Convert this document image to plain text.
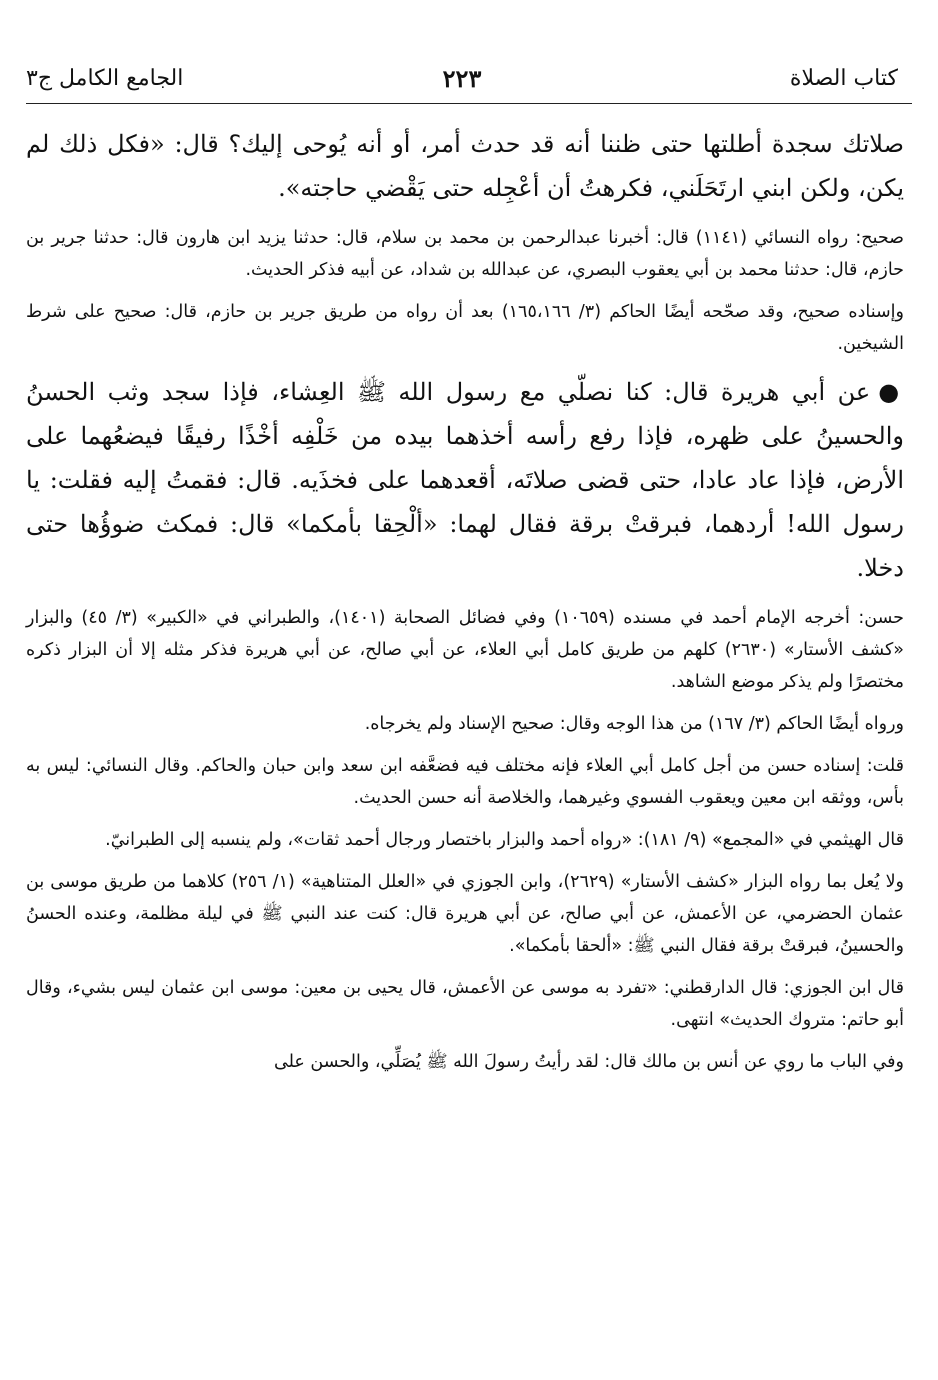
كتاب الصلاة
٢٢٣
الجامع الكامل ج٣

صلاتك سجدة أطلتها حتى ظننا أنه قد حدث أمر، أو أنه يُوحى إليك؟ قال: «فكل ذلك لم يكن، ولكن ابني ارتَحَلَني، فكرهتُ أن أعْجِله حتى يَقْضي حاجته».

صحيح: رواه النسائي (١١٤١) قال: أخبرنا عبدالرحمن بن محمد بن سلام، قال: حدثنا يزيد ابن هارون قال: حدثنا جرير بن حازم، قال: حدثنا محمد بن أبي يعقوب البصري، عن عبدالله بن شداد، عن أبيه فذكر الحديث.

وإسناده صحيح، وقد صحّحه أيضًا الحاكم (٣/ ١٦٥،١٦٦) بعد أن رواه من طريق جرير بن حازم، قال: صحيح على شرط الشيخين.

●عن أبي هريرة قال: كنا نصلّي مع رسول الله ﷺ العِشاء، فإذا سجد وثب الحسنُ والحسينُ على ظهره، فإذا رفع رأسه أخذهما بيده من خَلْفِه أخْذًا رفيقًا فيضعُهما على الأرض، فإذا عاد عادا، حتى قضى صلاتَه، أقعدهما على فخذَيه. قال: فقمتُ إليه فقلت: يا رسول الله! أردهما، فبرقتْ برقة فقال لهما: «ألْحِقا بأمكما» قال: فمكث ضوؤُها حتى دخلا.

حسن: أخرجه الإمام أحمد في مسنده (١٠٦٥٩) وفي فضائل الصحابة (١٤٠١)، والطبراني في «الكبير» (٣/ ٤٥) والبزار «كشف الأستار» (٢٦٣٠) كلهم من طريق كامل أبي العلاء، عن أبي صالح، عن أبي هريرة فذكر مثله إلا أن البزار ذكره مختصرًا ولم يذكر موضع الشاهد.

ورواه أيضًا الحاكم (٣/ ١٦٧) من هذا الوجه وقال: صحيح الإسناد ولم يخرجاه.

قلت: إسناده حسن من أجل كامل أبي العلاء فإنه مختلف فيه فضعَّفه ابن سعد وابن حبان والحاكم. وقال النسائي: ليس به بأس، ووثقه ابن معين ويعقوب الفسوي وغيرهما، والخلاصة أنه حسن الحديث.

قال الهيثمي في «المجمع» (٩/ ١٨١): «رواه أحمد والبزار باختصار ورجال أحمد ثقات»، ولم ينسبه إلى الطبرانيّ.

ولا يُعل بما رواه البزار «كشف الأستار» (٢٦٢٩)، وابن الجوزي في «العلل المتناهية» (١/ ٢٥٦) كلاهما من طريق موسى بن عثمان الحضرمي، عن الأعمش، عن أبي صالح، عن أبي هريرة قال: كنت عند النبي ﷺ في ليلة مظلمة، وعنده الحسنُ والحسينُ، فبرقتْ برقة فقال النبي ﷺ: «ألحقا بأمكما».

قال ابن الجوزي: قال الدارقطني: «تفرد به موسى عن الأعمش، قال يحيى بن معين: موسى ابن عثمان ليس بشيء، وقال أبو حاتم: متروك الحديث» انتهى.

وفي الباب ما روي عن أنس بن مالك قال: لقد رأيتُ رسولَ الله ﷺ يُصَلِّي، والحسن على
